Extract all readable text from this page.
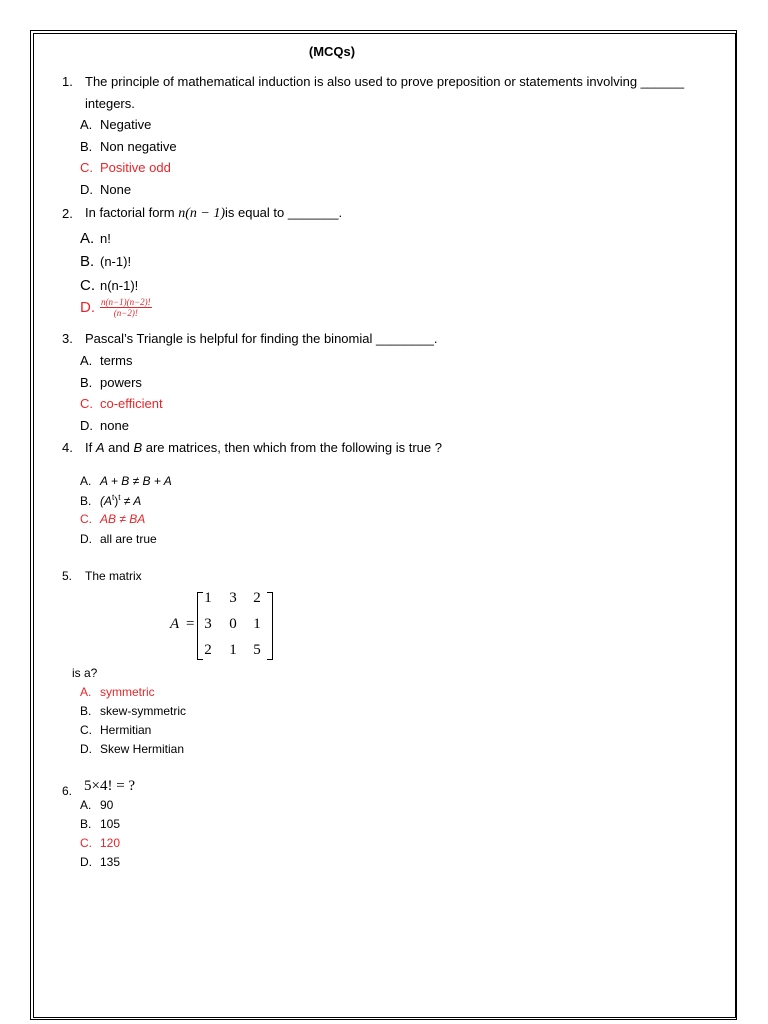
(MCQs)
1. The principle of mathematical induction is also used to prove preposition or statements involving ______
integers.
A. Negative
B. Non negative
C. Positive odd
D. None
2. In factorial form n(n − 1)is equal to _______.
A. n!
B. (n-1)!
C. n(n-1)!
D. $\frac{n(n-1)(n-2)!}{(n-2)!}$
3. Pascal’s Triangle is helpful for finding the binomial ________.
A. terms
B. powers
C. co-efficient
D. none
4. If A and B are matrices, then which from the following is true ?
A. A + B ≠ B + A
B. $(A^t)^t \ne A$
C. AB ≠ BA
D. all are true
5. The matrix
A =
1 3 2
3 0 1
2 1 5
is a?
A. symmetric
B. skew-symmetric
C. Hermitian
D. Skew Hermitian
6. 5×4! = ?
A. 90
B. 105
C. 120
D. 135
